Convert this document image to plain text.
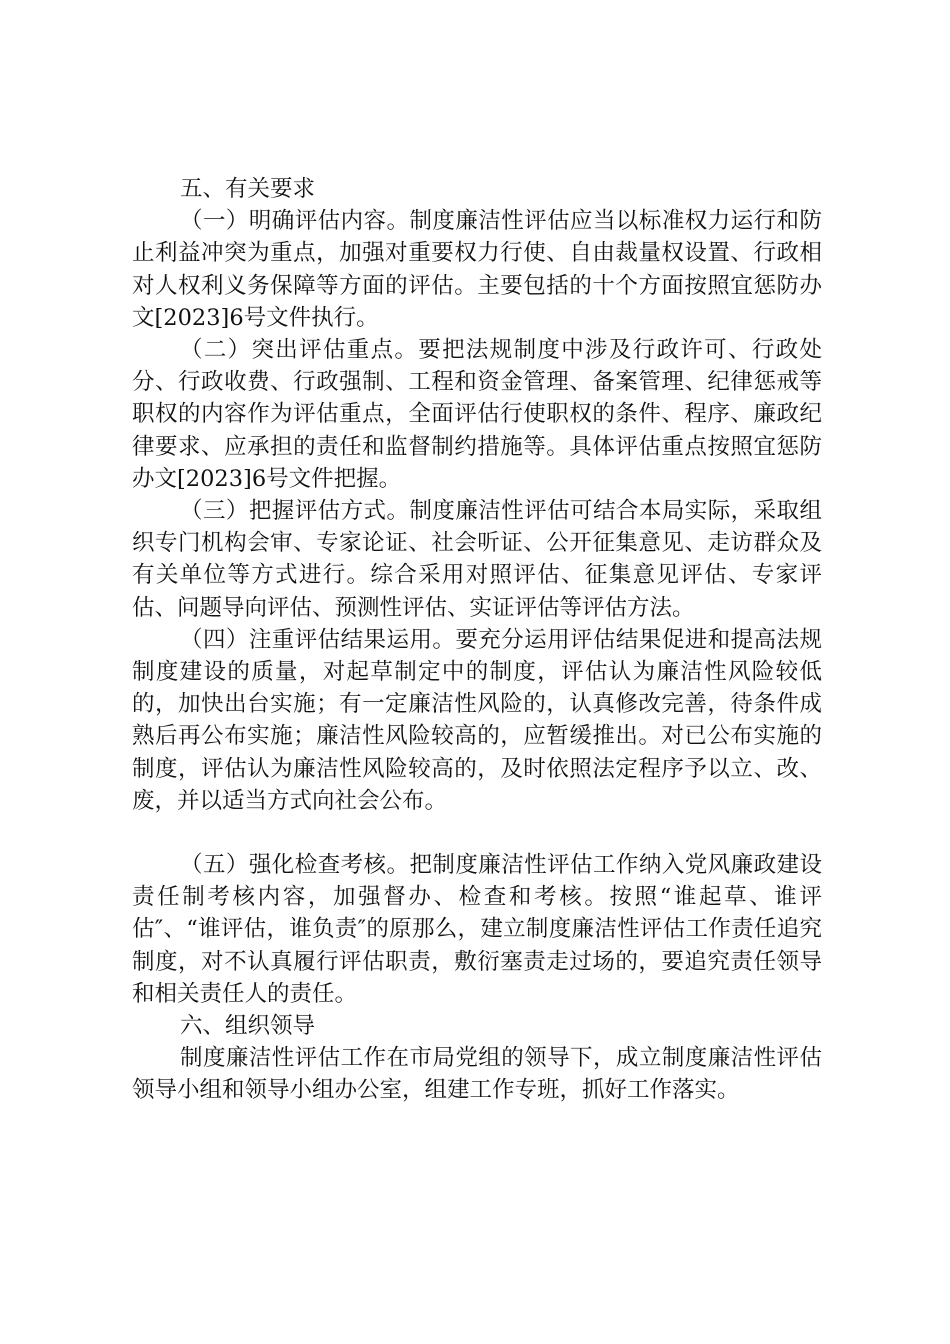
五、有关要求

（一）明确评估内容。制度廉洁性评估应当以标准权力运行和防止利益冲突为重点，加强对重要权力行使、自由裁量权设置、行政相对人权利义务保障等方面的评估。主要包括的十个方面按照宜惩防办文[2023]6号文件执行。

（二）突出评估重点。要把法规制度中涉及行政许可、行政处分、行政收费、行政强制、工程和资金管理、备案管理、纪律惩戒等职权的内容作为评估重点，全面评估行使职权的条件、程序、廉政纪律要求、应承担的责任和监督制约措施等。具体评估重点按照宜惩防办文[2023]6号文件把握。

（三）把握评估方式。制度廉洁性评估可结合本局实际，采取组织专门机构会审、专家论证、社会听证、公开征集意见、走访群众及有关单位等方式进行。综合采用对照评估、征集意见评估、专家评估、问题导向评估、预测性评估、实证评估等评估方法。

（四）注重评估结果运用。要充分运用评估结果促进和提高法规制度建设的质量，对起草制定中的制度，评估认为廉洁性风险较低的，加快出台实施；有一定廉洁性风险的，认真修改完善，待条件成熟后再公布实施；廉洁性风险较高的，应暂缓推出。对已公布实施的制度，评估认为廉洁性风险较高的，及时依照法定程序予以立、改、废，并以适当方式向社会公布。

（五）强化检查考核。把制度廉洁性评估工作纳入党风廉政建设责任制考核内容，加强督办、检查和考核。按照“谁起草、谁评估″、“谁评估，谁负责″的原那么，建立制度廉洁性评估工作责任追究制度，对不认真履行评估职责，敷衍塞责走过场的，要追究责任领导和相关责任人的责任。

六、组织领导

制度廉洁性评估工作在市局党组的领导下，成立制度廉洁性评估领导小组和领导小组办公室，组建工作专班，抓好工作落实。
